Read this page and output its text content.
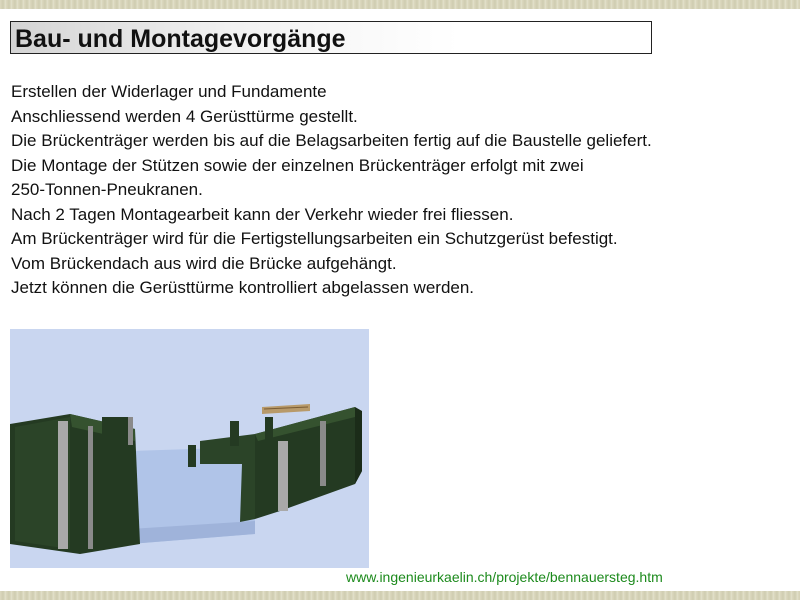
Bau- und Montagevorgänge
Erstellen der Widerlager und Fundamente
Anschliessend werden 4 Gerüsttürme gestellt.
Die Brückenträger werden bis auf die Belagsarbeiten fertig auf die Baustelle geliefert.
Die Montage der Stützen sowie der einzelnen Brückenträger erfolgt mit zwei
250-Tonnen-Pneukranen.
Nach 2 Tagen Montagearbeit kann der Verkehr wieder frei fliessen.
Am Brückenträger wird für die Fertigstellungsarbeiten ein Schutzgerüst befestigt.
Vom Brückendach aus wird die Brücke aufgehängt.
Jetzt können die Gerüsttürme kontrolliert abgelassen werden.
www.ingenieurkaelin.ch/projekte/bennauersteg.htm
